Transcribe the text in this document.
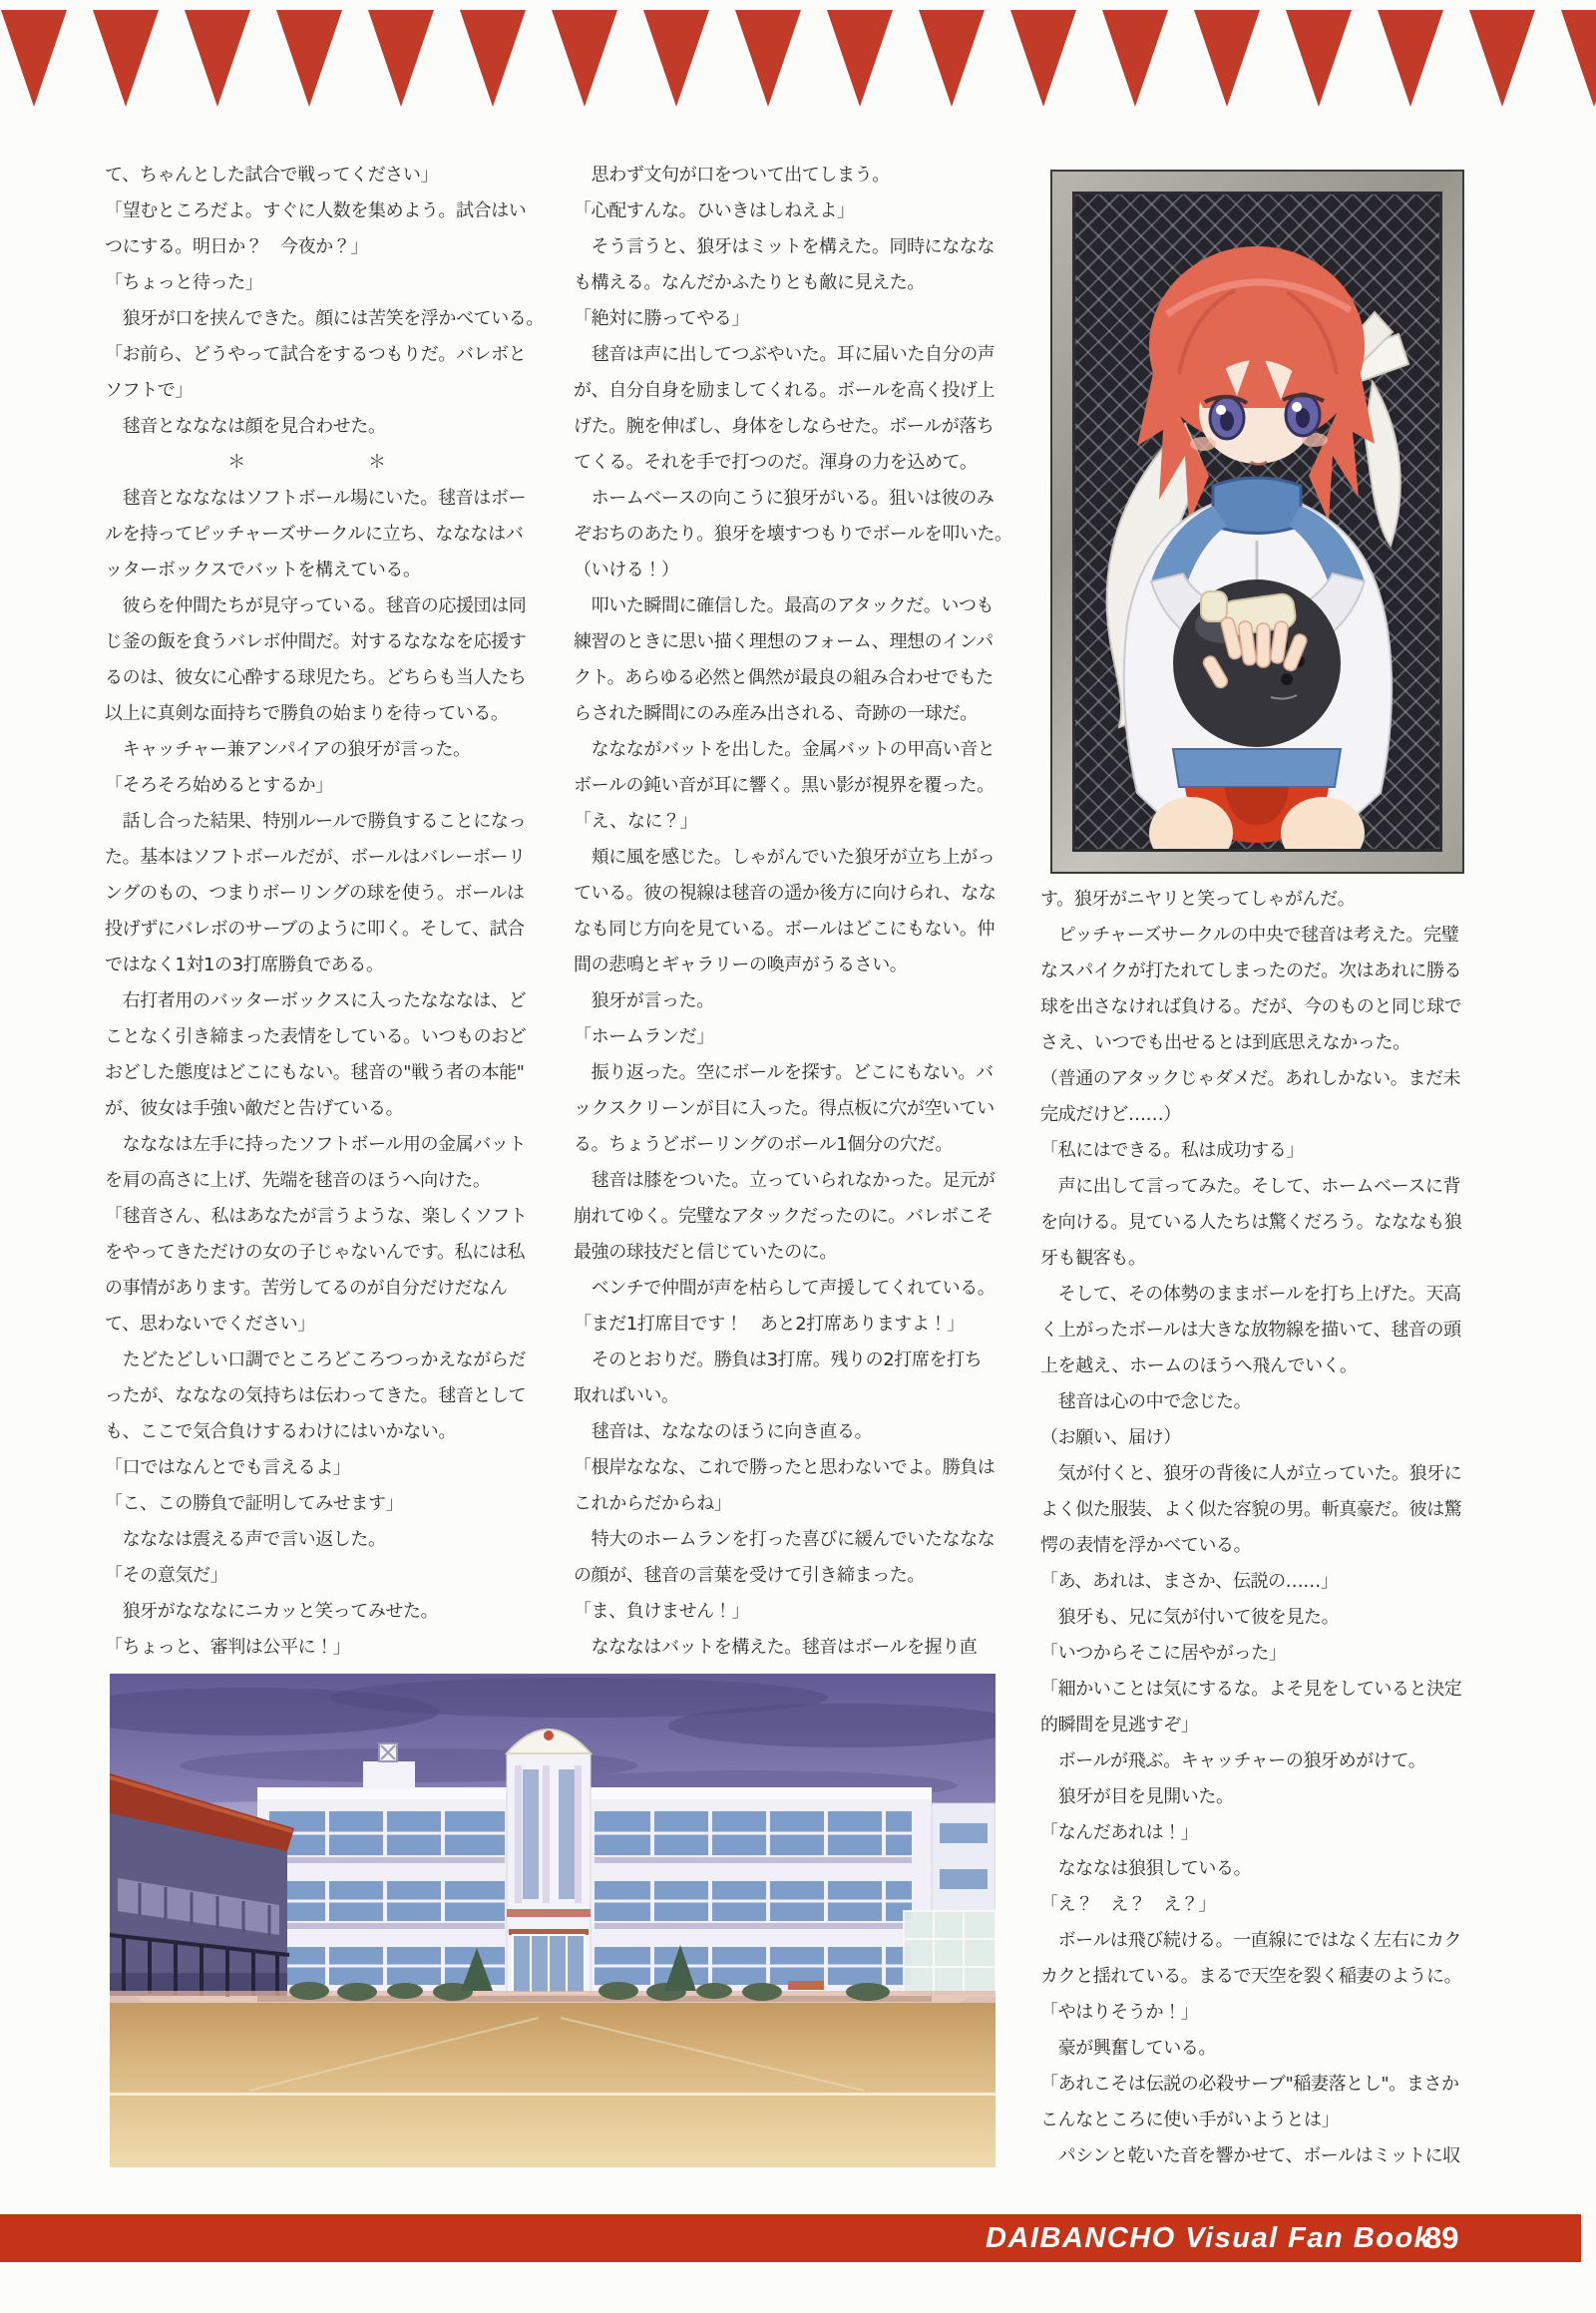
て、ちゃんとした試合で戦ってください」
「望むところだよ。すぐに人数を集めよう。試合はい
つにする。明日か？　今夜か？」
「ちょっと待った」
　狼牙が口を挟んできた。顔には苦笑を浮かべている。
「お前ら、どうやって試合をするつもりだ。バレボと
ソフトで」
　毬音となななは顔を見合わせた。
　　　　　　　＊　　　　　　　＊
　毬音となななはソフトボール場にいた。毬音はボー
ルを持ってピッチャーズサークルに立ち、なななはバ
ッターボックスでバットを構えている。
　彼らを仲間たちが見守っている。毬音の応援団は同
じ釜の飯を食うバレボ仲間だ。対するなななを応援す
るのは、彼女に心酔する球児たち。どちらも当人たち
以上に真剣な面持ちで勝負の始まりを待っている。
　キャッチャー兼アンパイアの狼牙が言った。
「そろそろ始めるとするか」
　話し合った結果、特別ルールで勝負することになっ
た。基本はソフトボールだが、ボールはバレーボーリ
ングのもの、つまりボーリングの球を使う。ボールは
投げずにバレボのサーブのように叩く。そして、試合
ではなく1対1の3打席勝負である。
　右打者用のバッターボックスに入ったなななは、ど
ことなく引き締まった表情をしている。いつものおど
おどした態度はどこにもない。毬音の"戦う者の本能"
が、彼女は手強い敵だと告げている。
　なななは左手に持ったソフトボール用の金属バット
を肩の高さに上げ、先端を毬音のほうへ向けた。
「毬音さん、私はあなたが言うような、楽しくソフト
をやってきただけの女の子じゃないんです。私には私
の事情があります。苦労してるのが自分だけだなん
て、思わないでください」
　たどたどしい口調でところどころつっかえながらだ
ったが、なななの気持ちは伝わってきた。毬音として
も、ここで気合負けするわけにはいかない。
「口ではなんとでも言えるよ」
「こ、この勝負で証明してみせます」
　なななは震える声で言い返した。
「その意気だ」
　狼牙がなななにニカッと笑ってみせた。
「ちょっと、審判は公平に！」
　思わず文句が口をついて出てしまう。
「心配すんな。ひいきはしねえよ」
　そう言うと、狼牙はミットを構えた。同時にななな
も構える。なんだかふたりとも敵に見えた。
「絶対に勝ってやる」
　毬音は声に出してつぶやいた。耳に届いた自分の声
が、自分自身を励ましてくれる。ボールを高く投げ上
げた。腕を伸ばし、身体をしならせた。ボールが落ち
てくる。それを手で打つのだ。渾身の力を込めて。
　ホームベースの向こうに狼牙がいる。狙いは彼のみ
ぞおちのあたり。狼牙を壊すつもりでボールを叩いた。
（いける！）
　叩いた瞬間に確信した。最高のアタックだ。いつも
練習のときに思い描く理想のフォーム、理想のインパ
クト。あらゆる必然と偶然が最良の組み合わせでもた
らされた瞬間にのみ産み出される、奇跡の一球だ。
　ななながバットを出した。金属バットの甲高い音と
ボールの鈍い音が耳に響く。黒い影が視界を覆った。
「え、なに？」
　頬に風を感じた。しゃがんでいた狼牙が立ち上がっ
ている。彼の視線は毬音の遥か後方に向けられ、なな
なも同じ方向を見ている。ボールはどこにもない。仲
間の悲鳴とギャラリーの喚声がうるさい。
　狼牙が言った。
「ホームランだ」
　振り返った。空にボールを探す。どこにもない。バ
ックスクリーンが目に入った。得点板に穴が空いてい
る。ちょうどボーリングのボール1個分の穴だ。
　毬音は膝をついた。立っていられなかった。足元が
崩れてゆく。完璧なアタックだったのに。バレボこそ
最強の球技だと信じていたのに。
　ベンチで仲間が声を枯らして声援してくれている。
「まだ1打席目です！　あと2打席ありますよ！」
　そのとおりだ。勝負は3打席。残りの2打席を打ち
取ればいい。
　毬音は、なななのほうに向き直る。
「根岸ななな、これで勝ったと思わないでよ。勝負は
これからだからね」
　特大のホームランを打った喜びに緩んでいたななな
の顔が、毬音の言葉を受けて引き締まった。
「ま、負けません！」
　なななはバットを構えた。毬音はボールを握り直
す。狼牙がニヤリと笑ってしゃがんだ。
　ピッチャーズサークルの中央で毬音は考えた。完璧
なスパイクが打たれてしまったのだ。次はあれに勝る
球を出さなければ負ける。だが、今のものと同じ球で
さえ、いつでも出せるとは到底思えなかった。
（普通のアタックじゃダメだ。あれしかない。まだ未
完成だけど……）
「私にはできる。私は成功する」
　声に出して言ってみた。そして、ホームベースに背
を向ける。見ている人たちは驚くだろう。なななも狼
牙も観客も。
　そして、その体勢のままボールを打ち上げた。天高
く上がったボールは大きな放物線を描いて、毬音の頭
上を越え、ホームのほうへ飛んでいく。
　毬音は心の中で念じた。
（お願い、届け）
　気が付くと、狼牙の背後に人が立っていた。狼牙に
よく似た服装、よく似た容貌の男。斬真豪だ。彼は驚
愕の表情を浮かべている。
「あ、あれは、まさか、伝説の……」
　狼牙も、兄に気が付いて彼を見た。
「いつからそこに居やがった」
「細かいことは気にするな。よそ見をしていると決定
的瞬間を見逃すぞ」
　ボールが飛ぶ。キャッチャーの狼牙めがけて。
　狼牙が目を見開いた。
「なんだあれは！」
　なななは狼狽している。
「え？　え？　え？」
　ボールは飛び続ける。一直線にではなく左右にカク
カクと揺れている。まるで天空を裂く稲妻のように。
「やはりそうか！」
　豪が興奮している。
「あれこそは伝説の必殺サーブ"稲妻落とし"。まさか
こんなところに使い手がいようとは」
　パシンと乾いた音を響かせて、ボールはミットに収
DAIBANCHO Visual Fan Book
89
